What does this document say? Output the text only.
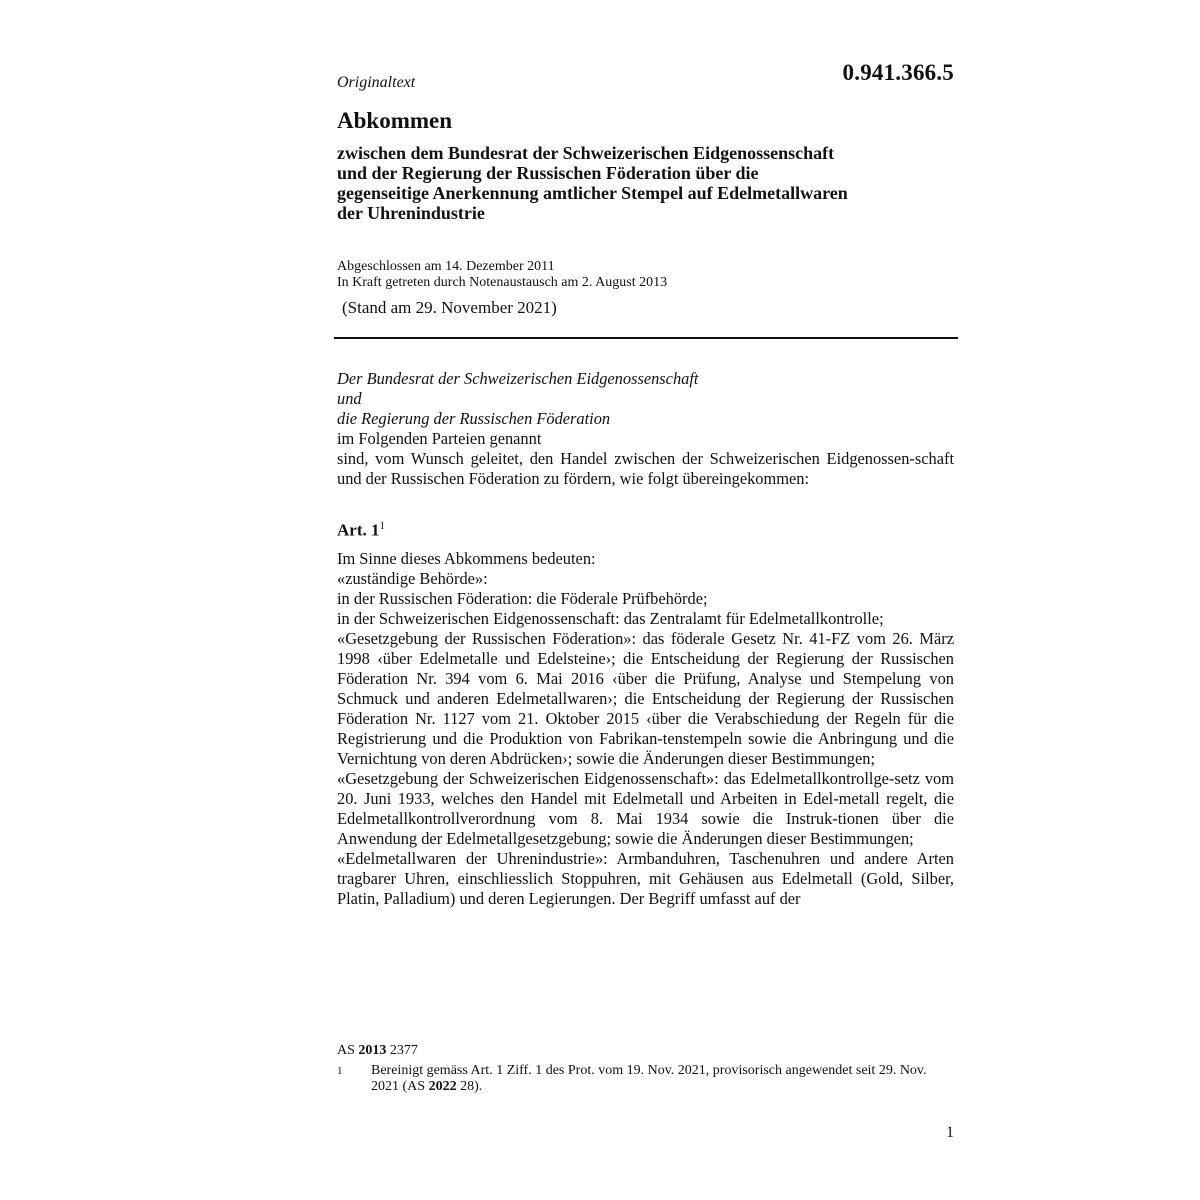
Originaltext	0.941.366.5
Abkommen
zwischen dem Bundesrat der Schweizerischen Eidgenossenschaft
und der Regierung der Russischen Föderation über die
gegenseitige Anerkennung amtlicher Stempel auf Edelmetallwaren
der Uhrenindustrie
Abgeschlossen am 14. Dezember 2011
In Kraft getreten durch Notenaustausch am 2. August 2013
(Stand am 29. November 2021)
Der Bundesrat der Schweizerischen Eidgenossenschaft
und
die Regierung der Russischen Föderation
im Folgenden Parteien genannt

sind, vom Wunsch geleitet, den Handel zwischen der Schweizerischen Eidgenossen-schaft und der Russischen Föderation zu fördern, wie folgt übereingekommen:

Art. $1^1$

Im Sinne dieses Abkommens bedeuten:

«zuständige Behörde»:

in der Russischen Föderation: die Föderale Prüfbehörde;

in der Schweizerischen Eidgenossenschaft: das Zentralamt für Edelmetallkontrolle;

«Gesetzgebung der Russischen Föderation»: das föderale Gesetz Nr. 41-FZ vom 26. März 1998 ‹über Edelmetalle und Edelsteine›; die Entscheidung der Regierung der Russischen Föderation Nr. 394 vom 6. Mai 2016 ‹über die Prüfung, Analyse und Stempelung von Schmuck und anderen Edelmetallwaren›; die Entscheidung der Regierung der Russischen Föderation Nr. 1127 vom 21. Oktober 2015 ‹über die Verabschiedung der Regeln für die Registrierung und die Produktion von Fabrikan-tenstempeln sowie die Anbringung und die Vernichtung von deren Abdrücken›; sowie die Änderungen dieser Bestimmungen;

«Gesetzgebung der Schweizerischen Eidgenossenschaft»: das Edelmetallkontrollge-setz vom 20. Juni 1933, welches den Handel mit Edelmetall und Arbeiten in Edel-metall regelt, die Edelmetallkontrollverordnung vom 8. Mai 1934 sowie die Instruk-tionen über die Anwendung der Edelmetallgesetzgebung; sowie die Änderungen dieser Bestimmungen;

«Edelmetallwaren der Uhrenindustrie»: Armbanduhren, Taschenuhren und andere Arten tragbarer Uhren, einschliesslich Stoppuhren, mit Gehäusen aus Edelmetall (Gold, Silber, Platin, Palladium) und deren Legierungen. Der Begriff umfasst auf der

AS 2013 2377
1	Bereinigt gemäss Art. 1 Ziff. 1 des Prot. vom 19. Nov. 2021, provisorisch angewendet seit 29. Nov. 2021 (AS 2022 28).
1
